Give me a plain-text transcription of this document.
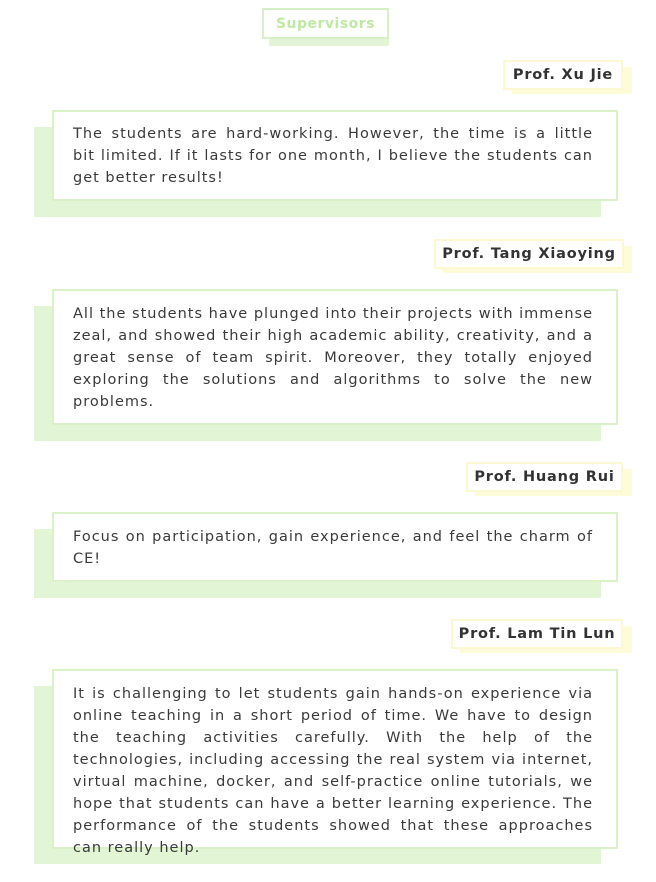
Supervisors
The students are hard-working. However, the time is a little bit limited. If it lasts for one month, I believe the students can get better results!
Prof. Xu Jie
All the students have plunged into their projects with immense zeal, and showed their high academic ability, creativity, and a great sense of team spirit. Moreover, they totally enjoyed exploring the solutions and algorithms to solve the new problems.
Prof. Tang Xiaoying
Focus on participation, gain experience, and feel the charm of CE!
Prof. Huang Rui
It is challenging to let students gain hands-on experience via online teaching in a short period of time. We have to design the teaching activities carefully. With the help of the technologies, including accessing the real system via internet, virtual machine, docker, and self-practice online tutorials, we hope that students can have a better learning experience. The performance of the students showed that these approaches can really help.
Prof. Lam Tin Lun
